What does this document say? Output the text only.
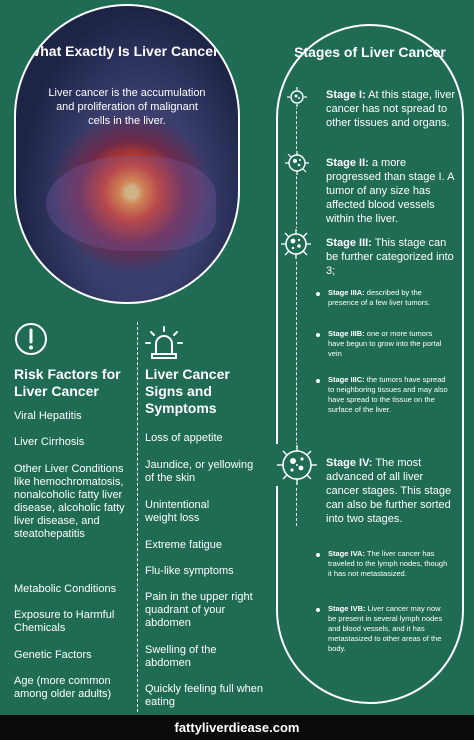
What Exactly Is Liver Cancer?

Liver cancer is the accumulation and proliferation of malignant cells in the liver.

Stages of Liver Cancer
Stage I: At this stage, liver cancer has not spread to other tissues and organs.
Stage II: a more progressed than stage I. A tumor of any size has affected blood vessels within the liver.
Stage III: This stage can be further categorized into 3;
Stage IIIA: described by the presence of a few liver tumors.
Stage IIIB: one or more tumors have begun to grow into the portal vein
Stage IIIC: the tumors have spread to neighboring tissues and may also have spread to the tissue on the surface of the liver.
Stage IV: The most advanced of all liver cancer stages. This stage can also be further sorted into two stages.
Stage IVA: The liver cancer has traveled to the lymph nodes, though it has not metastasized.
Stage IVB: Liver cancer may now be present in several lymph nodes and blood vessels, and it has metastasized to other areas of the body.
Risk Factors for Liver Cancer
Viral Hepatitis
Liver Cirrhosis
Other Liver Conditions like hemochromatosis, nonalcoholic fatty liver disease, alcoholic fatty liver disease, and steatohepatitis
Metabolic Conditions
Exposure to Harmful Chemicals
Genetic Factors
Age (more common among older adults)
Liver Cancer Signs and Symptoms
Loss of appetite
Jaundice, or yellowing of the skin
Unintentional weight loss
Extreme fatigue
Flu-like symptoms
Pain in the upper right quadrant of your abdomen
Swelling of the abdomen
Quickly feeling full when eating
fattyliverdiease.com
